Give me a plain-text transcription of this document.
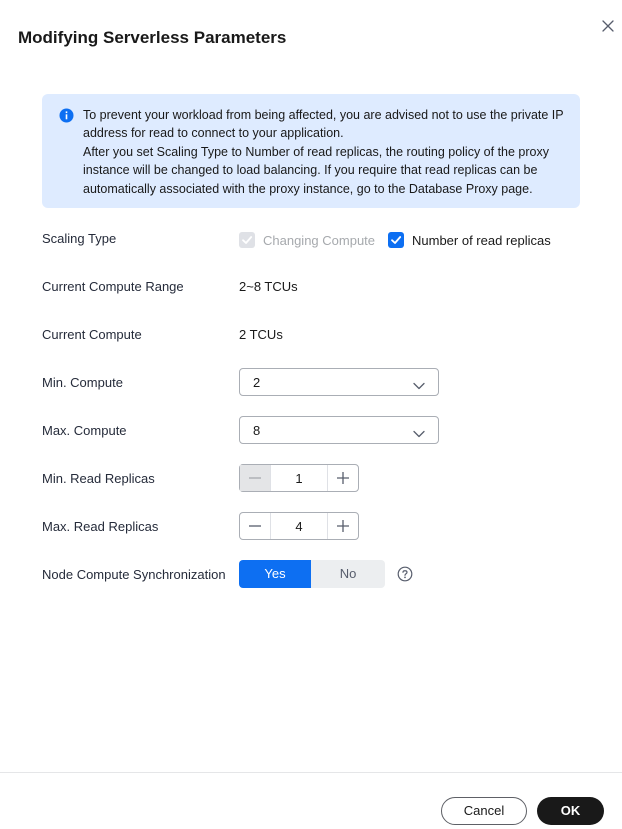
Modifying Serverless Parameters
To prevent your workload from being affected, you are advised not to use the private IP
address for read to connect to your application.
After you set Scaling Type to Number of read replicas, the routing policy of the proxy
instance will be changed to load balancing. If you require that read replicas can be
automatically associated with the proxy instance, go to the Database Proxy page.
Scaling Type	Changing Compute	Number of read replicas
Current Compute Range	2~8 TCUs
Current Compute	2 TCUs
Min. Compute	2
Max. Compute	8
Min. Read Replicas	1
Max. Read Replicas	4
Node Compute Synchronization	Yes	No
Cancel	OK
